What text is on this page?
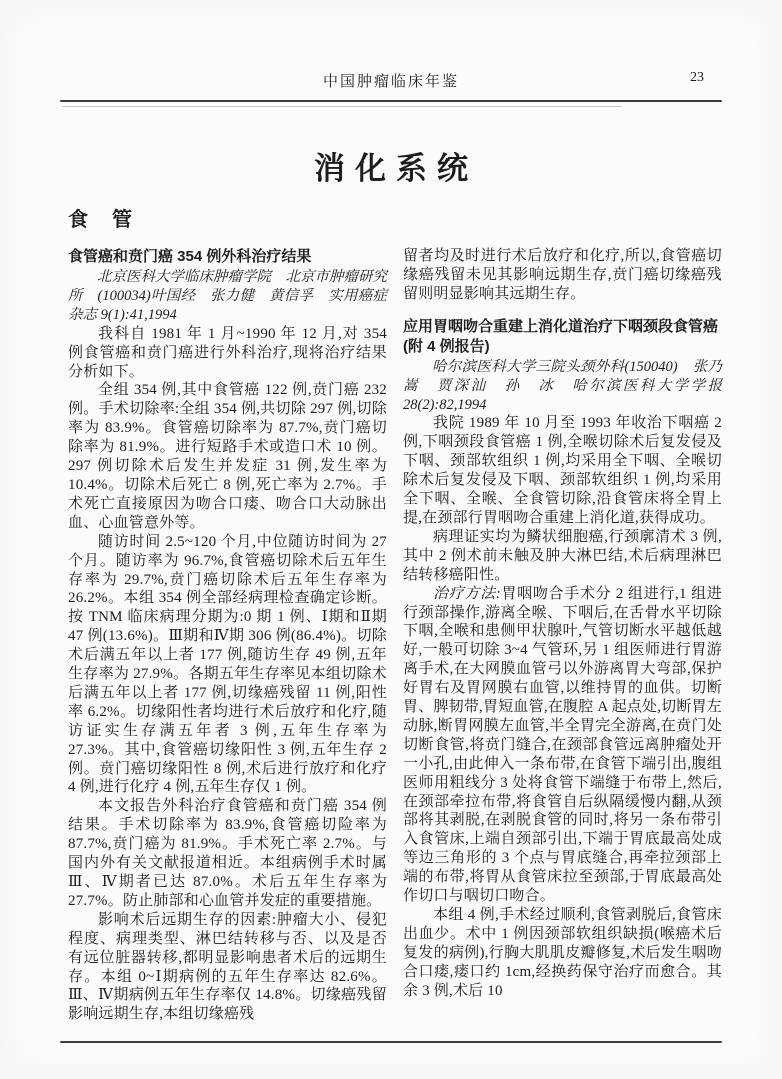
中国肿瘤临床年鉴	23
消化系统
食　管
食管癌和贲门癌 354 例外科治疗结果

北京医科大学临床肿瘤学院　北京市肿瘤研究所　(100034)叶国经　张力健　黄信孚　实用癌症杂志 9(1):41,1994

我科自 1981 年 1 月~1990 年 12 月,对 354 例食管癌和贲门癌进行外科治疗,现将治疗结果分析如下。

全组 354 例,其中食管癌 122 例,贲门癌 232 例。手术切除率:全组 354 例,共切除 297 例,切除率为 83.9%。食管癌切除率为 87.7%,贲门癌切除率为 81.9%。进行短路手术或造口术 10 例。297 例切除术后发生并发症 31 例,发生率为 10.4%。切除术后死亡 8 例,死亡率为 2.7%。手术死亡直接原因为吻合口瘘、吻合口大动脉出血、心血管意外等。

随访时间 2.5~120 个月,中位随访时间为 27 个月。随访率为 96.7%,食管癌切除术后五年生存率为 29.7%,贲门癌切除术后五年生存率为 26.2%。本组 354 例全部经病理检查确定诊断。按 TNM 临床病理分期为:0 期 1 例、Ⅰ期和Ⅱ期 47 例(13.6%)。Ⅲ期和Ⅳ期 306 例(86.4%)。切除术后满五年以上者 177 例,随访生存 49 例,五年生存率为 27.9%。各期五年生存率见本组切除术后满五年以上者 177 例,切缘癌残留 11 例,阳性率 6.2%。切缘阳性者均进行术后放疗和化疗,随访证实生存满五年者 3 例,五年生存率为 27.3%。其中,食管癌切缘阳性 3 例,五年生存 2 例。贲门癌切缘阳性 8 例,术后进行放疗和化疗 4 例,进行化疗 4 例,五年生存仅 1 例。

本文报告外科治疗食管癌和贲门癌 354 例结果。手术切除率为 83.9%,食管癌切险率为 87.7%,贲门癌为 81.9%。手术死亡率 2.7%。与国内外有关文献报道相近。本组病例手术时属Ⅲ、Ⅳ期者已达 87.0%。术后五年生存率为 27.7%。防止肺部和心血管并发症的重要措施。

影响术后远期生存的因素:肿瘤大小、侵犯程度、病理类型、淋巴结转移与否、以及是否有远位脏器转移,都明显影响患者术后的远期生存。本组 0~Ⅰ期病例的五年生存率达 82.6%。Ⅲ、Ⅳ期病例五年生存率仅 14.8%。切缘癌残留影响远期生存,本组切缘癌残

留者均及时进行术后放疗和化疗,所以,食管癌切缘癌残留未见其影响远期生存,贲门癌切缘癌残留则明显影响其远期生存。

应用胃咽吻合重建上消化道治疗下咽颈段食管癌(附 4 例报告)

哈尔滨医科大学三院头颈外科(150040)　张乃嵩　贾深汕　孙　冰　哈尔滨医科大学学报 28(2):82,1994

我院 1989 年 10 月至 1993 年收治下咽癌 2 例,下咽颈段食管癌 1 例,全喉切除术后复发侵及下咽、颈部软组织 1 例,均采用全下咽、全喉切除术后复发侵及下咽、颈部软组织 1 例,均采用全下咽、全喉、全食管切除,沿食管床将全胃上提,在颈部行胃咽吻合重建上消化道,获得成功。

病理证实均为鳞状细胞癌,行颈廓清术 3 例,其中 2 例术前未触及肿大淋巴结,术后病理淋巴结转移癌阳性。

治疗方法:胃咽吻合手术分 2 组进行,1 组进行颈部操作,游离全喉、下咽后,在舌骨水平切除下咽,全喉和患侧甲状腺叶,气管切断水平越低越好,一般可切除 3~4 气管环,另 1 组医师进行胃游离手术,在大网膜血管弓以外游离胃大弯部,保护好胃右及胃网膜右血管,以维持胃的血供。切断胃、脾韧带,胃短血管,在腹腔 A 起点处,切断胃左动脉,断胃网膜左血管,半全胃完全游离,在贲门处切断食管,将贲门缝合,在颈部食管远离肿瘤处开一小孔,由此伸入一条布带,在食管下端引出,腹组医师用粗线分 3 处将食管下端缝于布带上,然后,在颈部牵拉布带,将食管自后纵隔缓慢内翻,从颈部将其剥脱,在剥脱食管的同时,将另一条布带引入食管床,上端自颈部引出,下端于胃底最高处成等边三角形的 3 个点与胃底缝合,再牵拉颈部上端的布带,将胃从食管床拉至颈部,于胃底最高处作切口与咽切口吻合。

本组 4 例,手术经过顺利,食管剥脱后,食管床出血少。术中 1 例因颈部软组织缺损(喉癌术后复发的病例),行胸大肌肌皮瓣修复,术后发生咽吻合口瘘,瘘口约 1cm,经换药保守治疗而愈合。其余 3 例,术后 10
